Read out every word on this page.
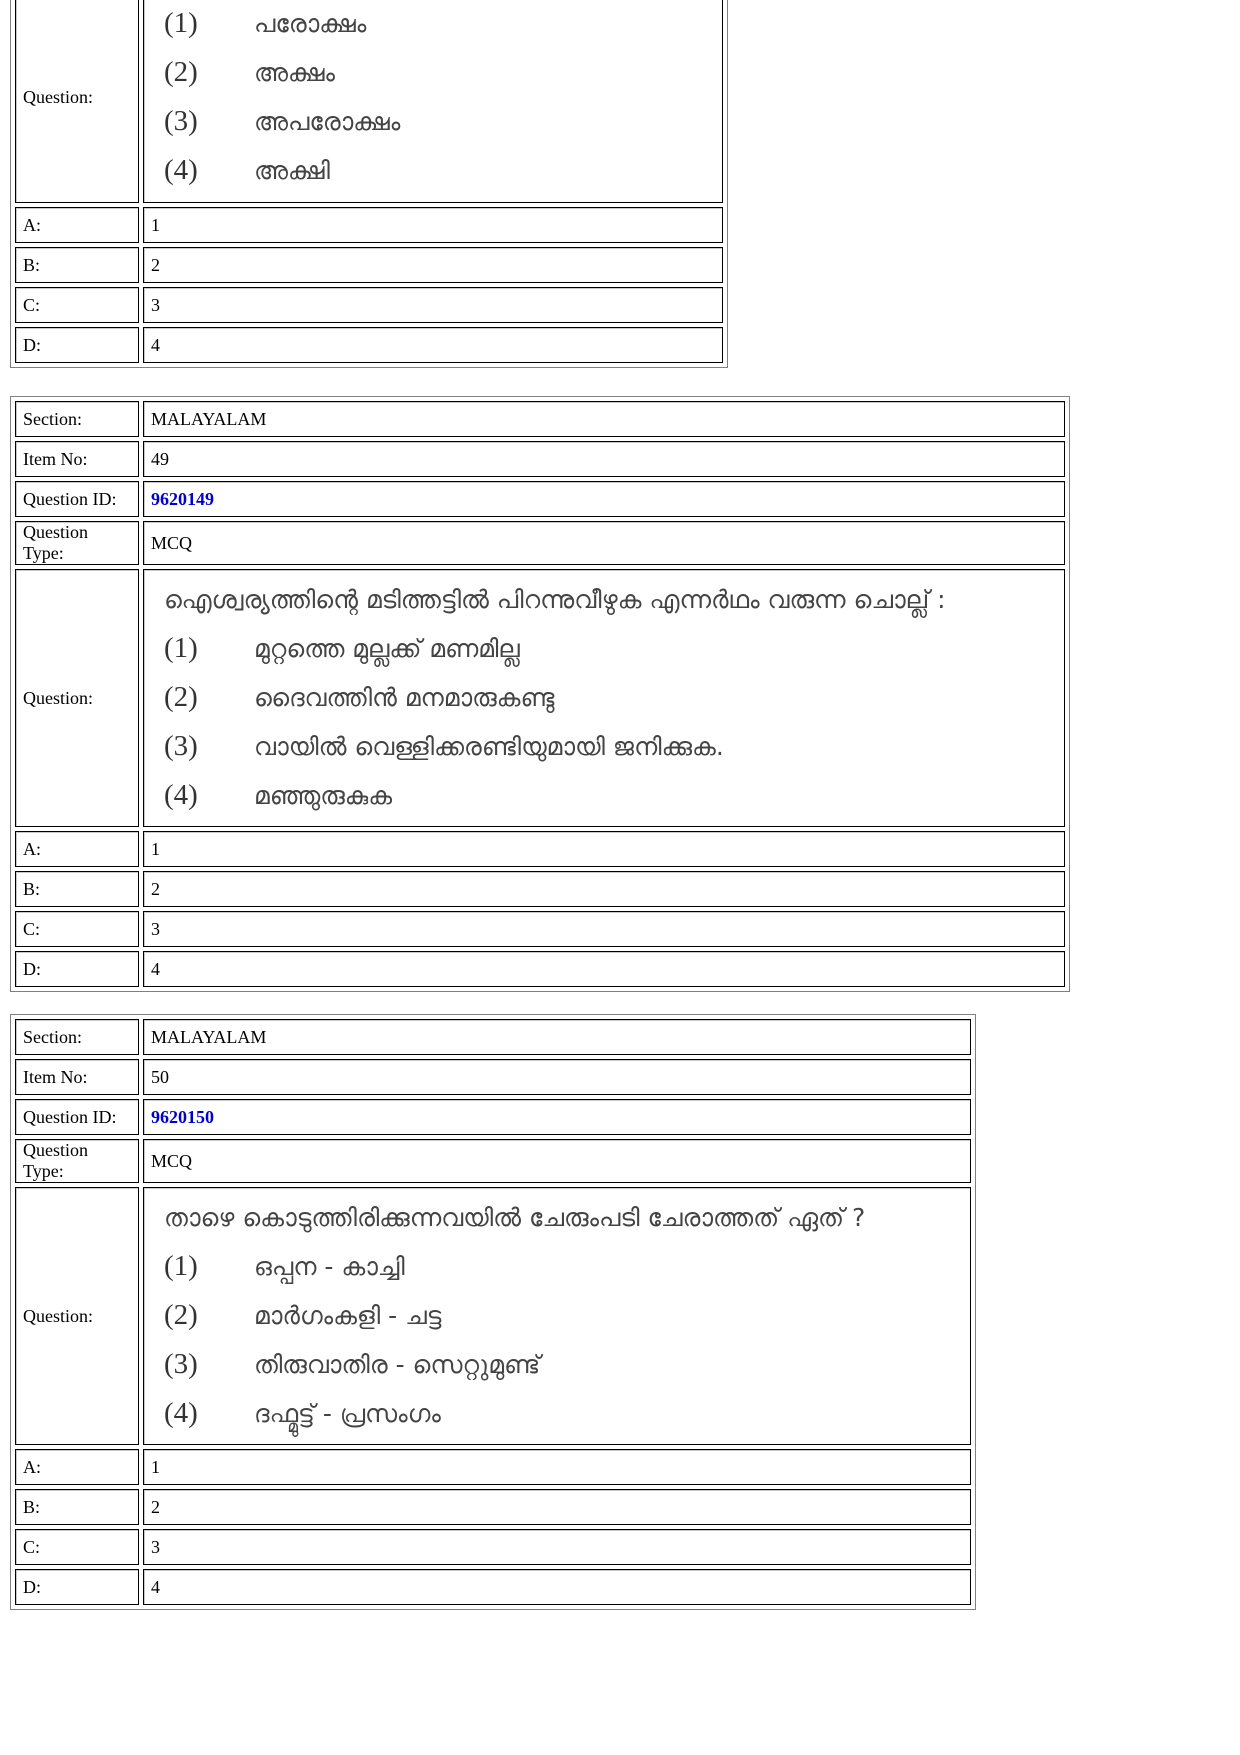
Question:	(1) പരോക്ഷം
(2) അക്ഷം
(3) അപരോക്ഷം
(4) അക്ഷി

A:	1
B:	2
C:	3
D:	4
Section:	MALAYALAM
Item No:	49
Question ID:	9620149
Question Type:	MCQ
Question:	ഐശ്വര്യത്തിന്റെ മടിത്തട്ടിൽ പിറന്നുവീഴുക എന്നർഥം വരുന്ന ചൊല്ല് :
(1) മുറ്റത്തെ മുല്ലക്ക് മണമില്ല
(2) ദൈവത്തിൻ മനമാരുകണ്ടു
(3) വായിൽ വെള്ളിക്കരണ്ടിയുമായി ജനിക്കുക.
(4) മഞ്ഞുരുകുക

A:	1
B:	2
C:	3
D:	4
Section:	MALAYALAM
Item No:	50
Question ID:	9620150
Question Type:	MCQ
Question:	താഴെ കൊടുത്തിരിക്കുന്നവയിൽ ചേരുംപടി ചേരാത്തത് ഏത് ?
(1) ഒപ്പന - കാച്ചി
(2) മാർഗംകളി - ചട്ട
(3) തിരുവാതിര - സെറ്റുമുണ്ട്
(4) ദഫ്മുട്ട് - പ്രസംഗം

A:	1
B:	2
C:	3
D:	4
